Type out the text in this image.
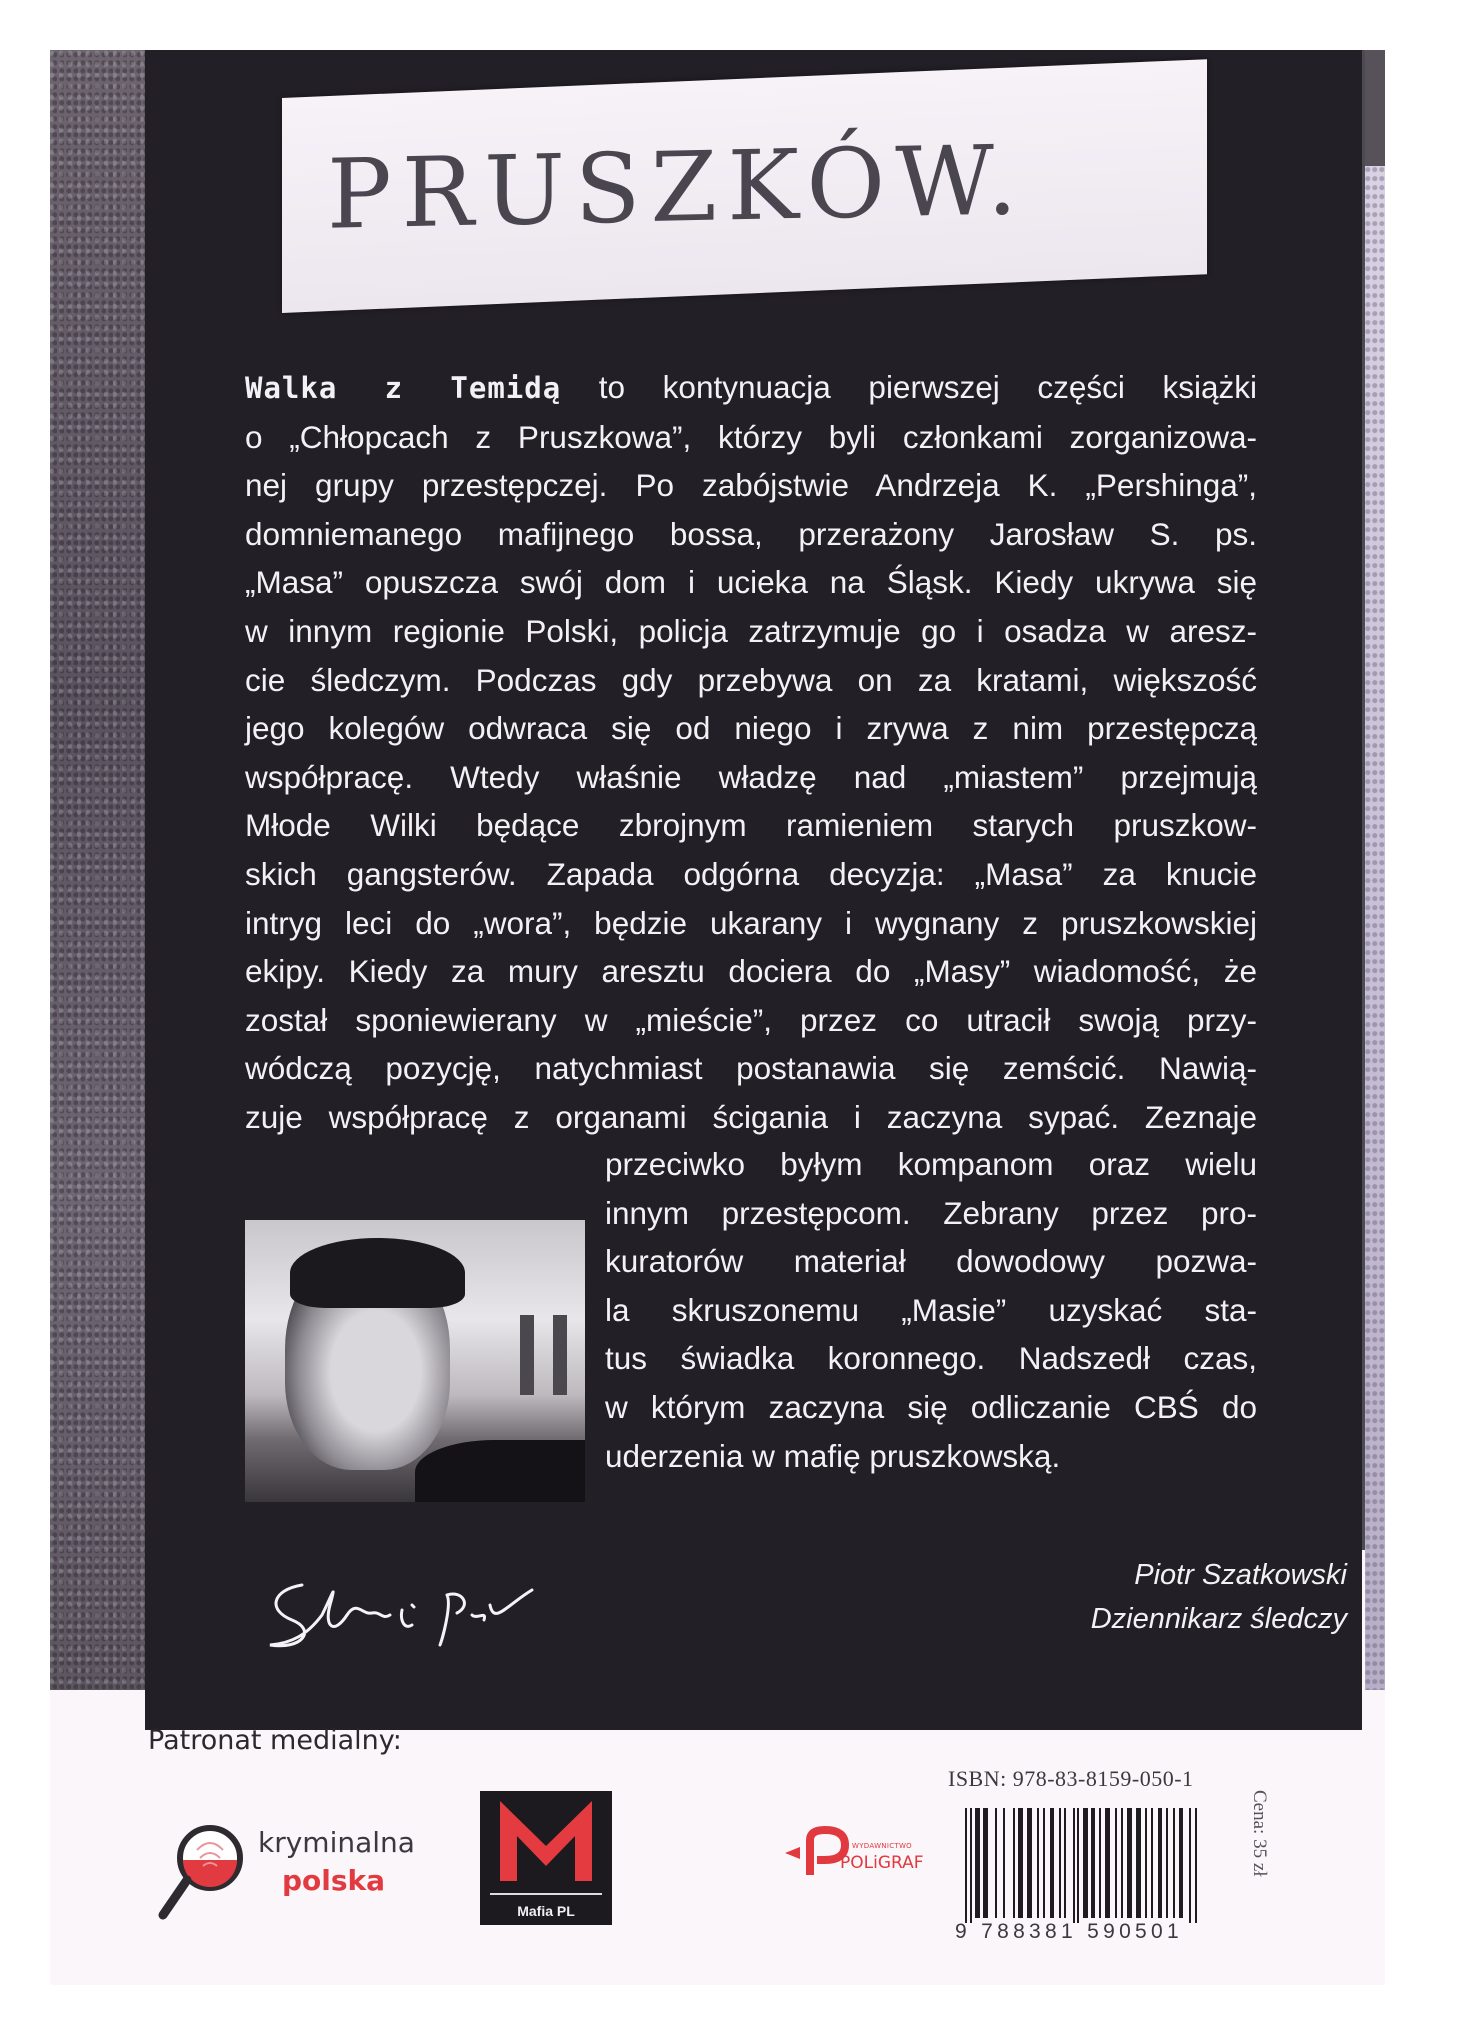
PRUSZKÓW.
Walka z Temidą to kontynuacja pierwszej części książki
o „Chłopcach z Pruszkowa”, którzy byli członkami zorganizowa-
nej grupy przestępczej. Po zabójstwie Andrzeja K. „Pershinga”,
domniemanego mafijnego bossa, przerażony Jarosław S. ps.
„Masa” opuszcza swój dom i ucieka na Śląsk. Kiedy ukrywa się
w innym regionie Polski, policja zatrzymuje go i osadza w aresz-
cie śledczym. Podczas gdy przebywa on za kratami, większość
jego kolegów odwraca się od niego i zrywa z nim przestępczą
współpracę. Wtedy właśnie władzę nad „miastem” przejmują
Młode Wilki będące zbrojnym ramieniem starych pruszkow-
skich gangsterów. Zapada odgórna decyzja: „Masa” za knucie
intryg leci do „wora”, będzie ukarany i wygnany z pruszkowskiej
ekipy. Kiedy za mury aresztu dociera do „Masy” wiadomość, że
został sponiewierany w „mieście”, przez co utracił swoją przy-
wódczą pozycję, natychmiast postanawia się zemścić. Nawią-
zuje współpracę z organami ścigania i zaczyna sypać. Zeznaje
przeciwko byłym kompanom oraz wielu
innym przestępcom. Zebrany przez pro-
kuratorów materiał dowodowy pozwa-
la skruszonemu „Masie” uzyskać sta-
tus świadka koronnego. Nadszedł czas,
w którym zaczyna się odliczanie CBŚ do
uderzenia w mafię pruszkowską.
Piotr Szatkowski
Dziennikarz śledczy
Patronat medialny:
kryminalna
polska
Mafia PL
WYDAWNICTWO
POLiGRAF
ISBN: 978-83-8159-050-1
9 788381 590501
Cena: 35 zł
